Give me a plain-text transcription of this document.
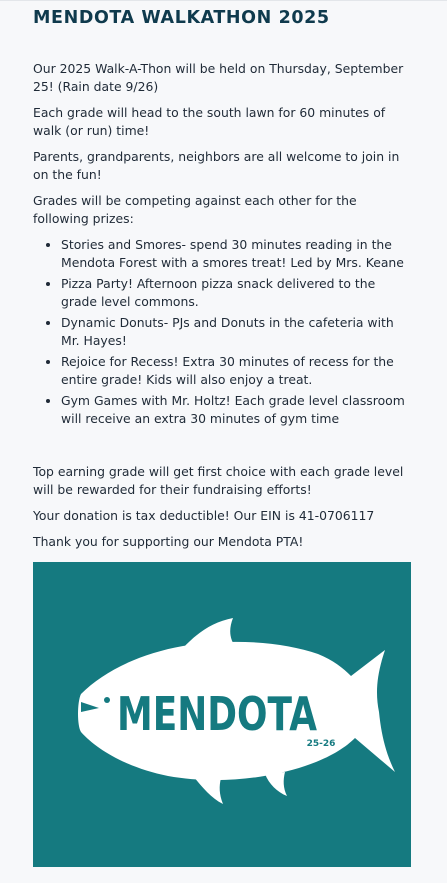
MENDOTA WALKATHON 2025

Our 2025 Walk-A-Thon will be held on Thursday, September 25! (Rain date 9/26)

Each grade will head to the south lawn for 60 minutes of walk (or run) time!

Parents, grandparents, neighbors are all welcome to join in on the fun!

Grades will be competing against each other for the following prizes:

• Stories and Smores- spend 30 minutes reading in the Mendota Forest with a smores treat! Led by Mrs. Keane
• Pizza Party! Afternoon pizza snack delivered to the grade level commons.
• Dynamic Donuts- PJs and Donuts in the cafeteria with Mr. Hayes!
• Rejoice for Recess! Extra 30 minutes of recess for the entire grade! Kids will also enjoy a treat.
• Gym Games with Mr. Holtz! Each grade level classroom will receive an extra 30 minutes of gym time

Top earning grade will get first choice with each grade level will be rewarded for their fundraising efforts!

Your donation is tax deductible! Our EIN is 41-0706117

Thank you for supporting our Mendota PTA!

MENDOTA
25-26
